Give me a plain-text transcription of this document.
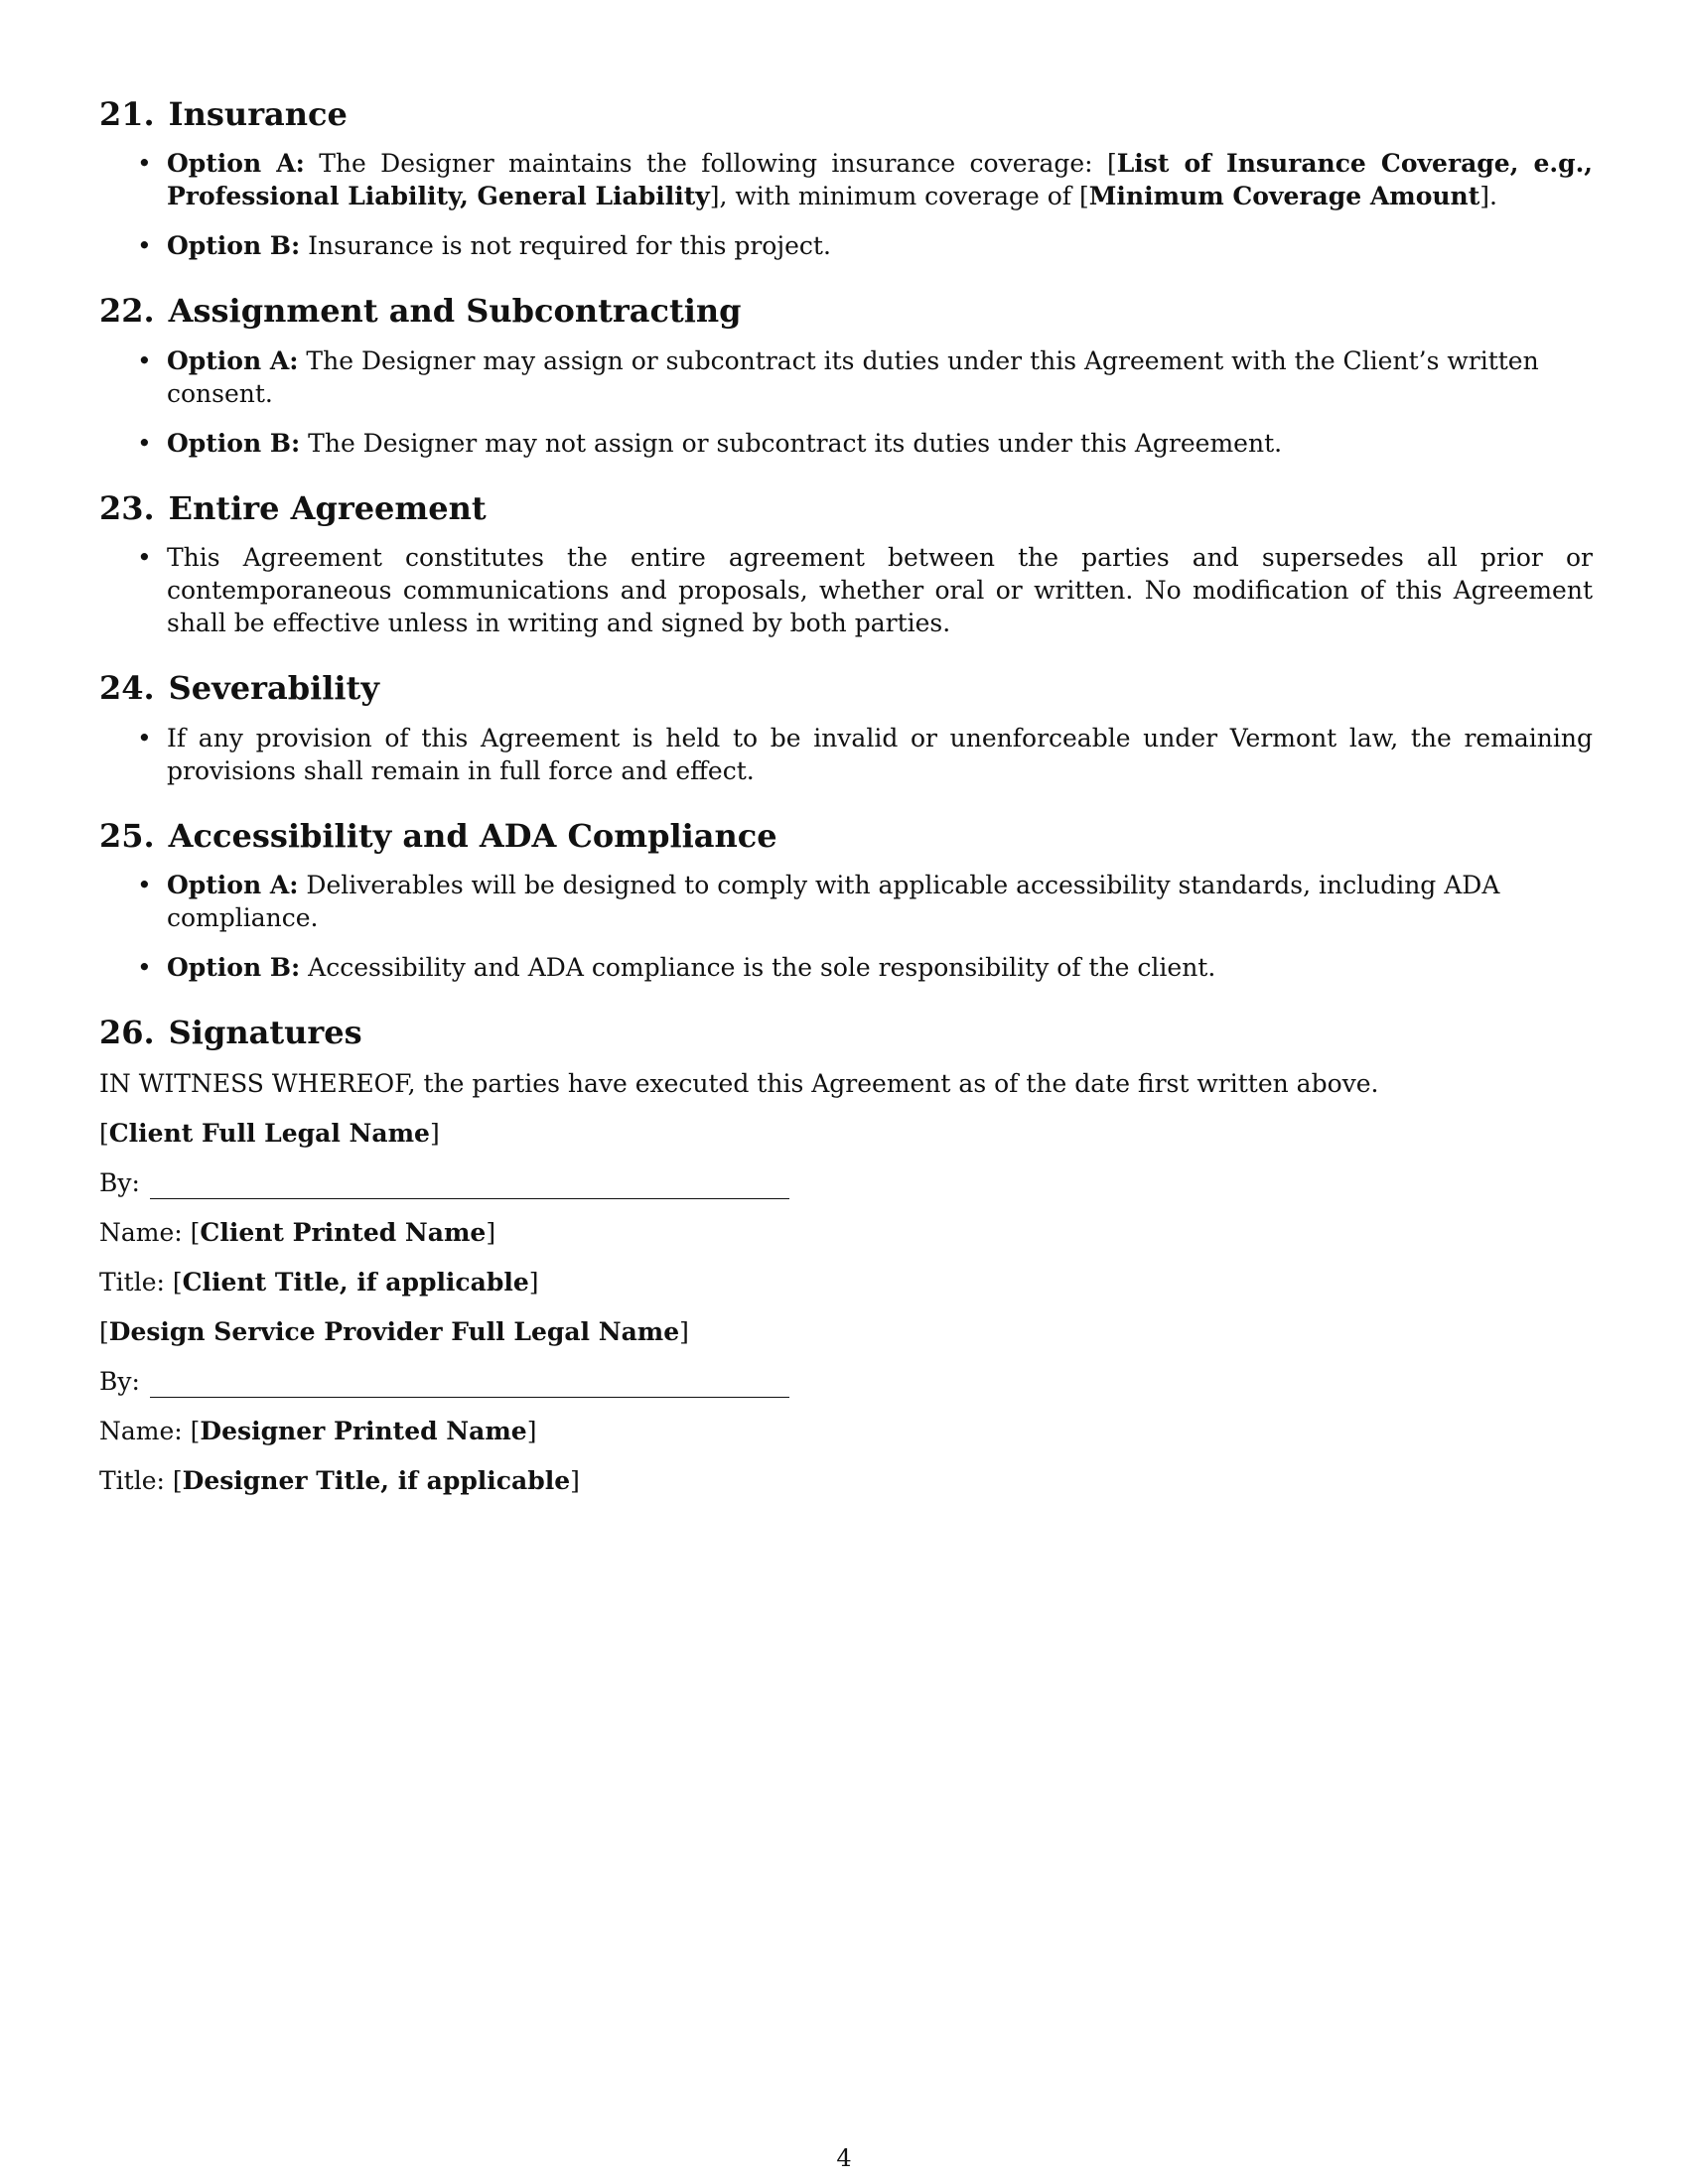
21. Insurance
• Option A: The Designer maintains the following insurance coverage: [List of Insurance Coverage, e.g., Professional Liability, General Liability], with minimum coverage of [Minimum Coverage Amount].
• Option B: Insurance is not required for this project.
22. Assignment and Subcontracting
• Option A: The Designer may assign or subcontract its duties under this Agreement with the Client’s written consent.
• Option B: The Designer may not assign or subcontract its duties under this Agreement.
23. Entire Agreement
• This Agreement constitutes the entire agreement between the parties and supersedes all prior or contemporaneous communications and proposals, whether oral or written. No modification of this Agreement shall be effective unless in writing and signed by both parties.
24. Severability
• If any provision of this Agreement is held to be invalid or unenforceable under Vermont law, the remaining provisions shall remain in full force and effect.
25. Accessibility and ADA Compliance
• Option A: Deliverables will be designed to comply with applicable accessibility standards, including ADA compliance.
• Option B: Accessibility and ADA compliance is the sole responsibility of the client.
26. Signatures
IN WITNESS WHEREOF, the parties have executed this Agreement as of the date first written above.
[Client Full Legal Name]
By:
Name: [Client Printed Name]
Title: [Client Title, if applicable]
[Design Service Provider Full Legal Name]
By:
Name: [Designer Printed Name]
Title: [Designer Title, if applicable]
4
